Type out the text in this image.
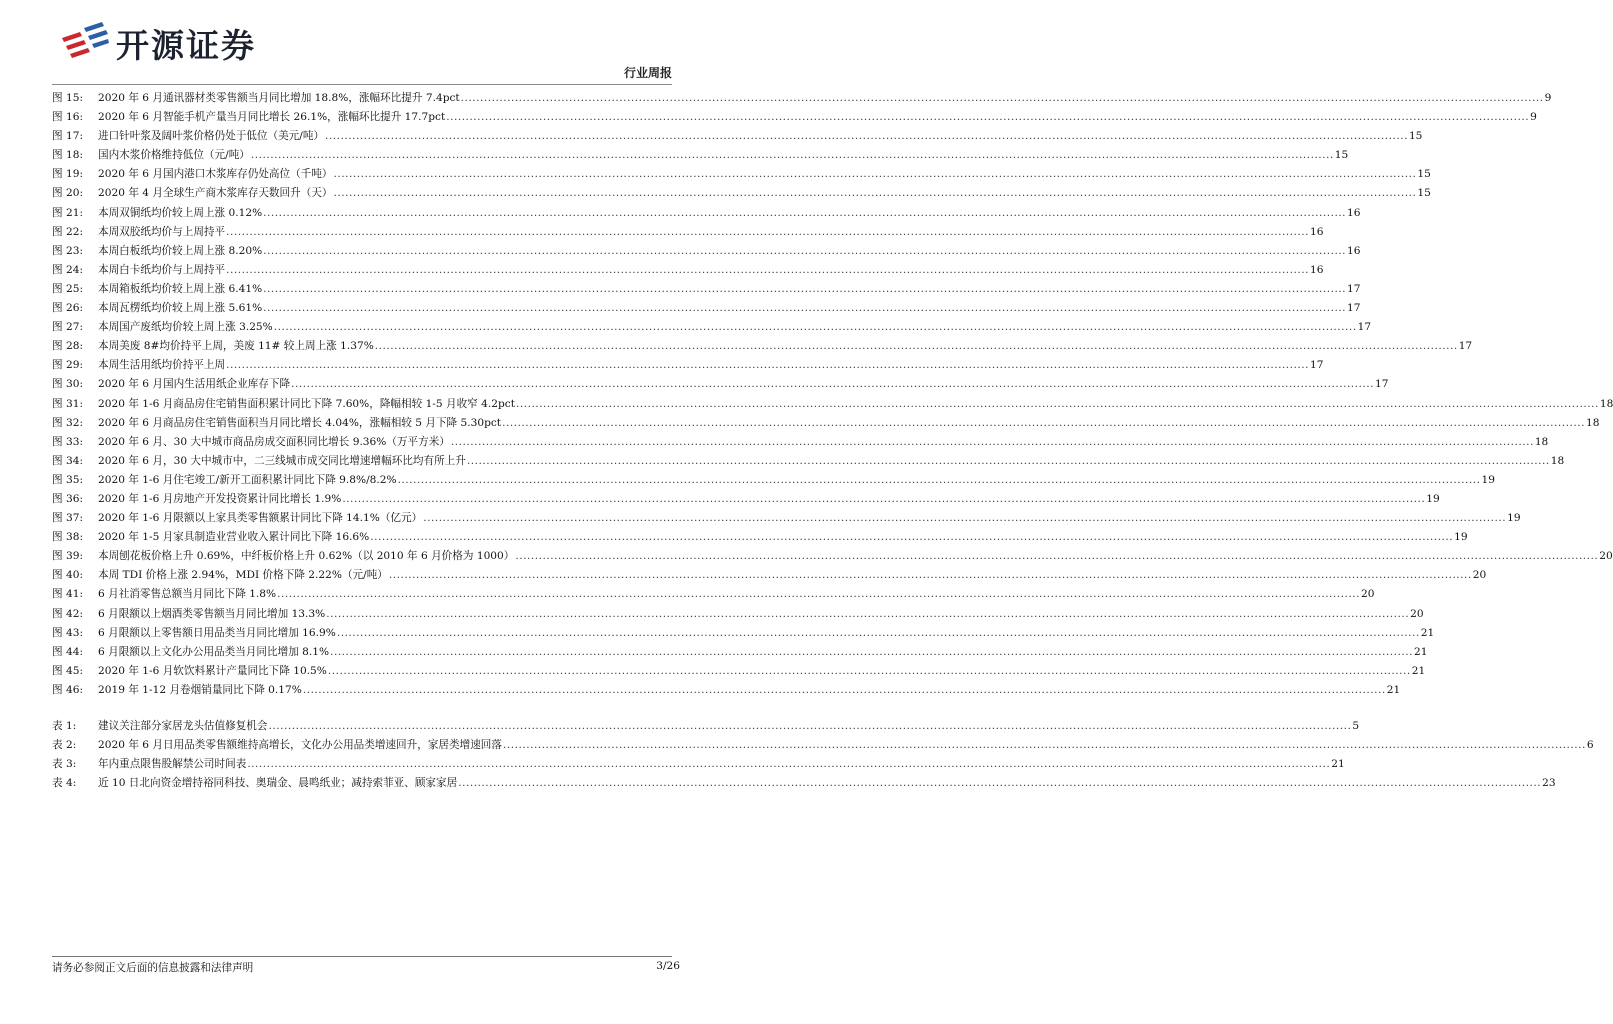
开源证券
行业周报
图 15:	2020 年 6 月通讯器材类零售额当月同比增加 18.8%，涨幅环比提升 7.4pct .....	9
图 16:	2020 年 6 月智能手机产量当月同比增长 26.1%，涨幅环比提升 17.7pct .....	9
图 17:	进口针叶浆及阔叶浆价格仍处于低位（美元/吨） .....	15
图 18:	国内木浆价格维持低位（元/吨） .....	15
图 19:	2020 年 6 月国内港口木浆库存仍处高位（千吨） .....	15
图 20:	2020 年 4 月全球生产商木浆库存天数回升（天） .....	15
图 21:	本周双铜纸均价较上周上涨 0.12% .....	16
图 22:	本周双胶纸均价与上周持平 .....	16
图 23:	本周白板纸均价较上周上涨 8.20% .....	16
图 24:	本周白卡纸均价与上周持平 .....	16
图 25:	本周箱板纸均价较上周上涨 6.41% .....	17
图 26:	本周瓦楞纸均价较上周上涨 5.61% .....	17
图 27:	本周国产废纸均价较上周上涨 3.25% .....	17
图 28:	本周美废 8#均价持平上周，美废 11# 较上周上涨 1.37% .....	17
图 29:	本周生活用纸均价持平上周 .....	17
图 30:	2020 年 6 月国内生活用纸企业库存下降 .....	17
图 31:	2020 年 1-6 月商品房住宅销售面积累计同比下降 7.60%，降幅相较 1-5 月收窄 4.2pct .....	18
图 32:	2020 年 6 月商品房住宅销售面积当月同比增长 4.04%，涨幅相较 5 月下降 5.30pct .....	18
图 33:	2020 年 6 月、30 大中城市商品房成交面积同比增长 9.36%（万平方米） .....	18
图 34:	2020 年 6 月，30 大中城市中，二三线城市成交同比增速增幅环比均有所上升 .....	18
图 35:	2020 年 1-6 月住宅竣工/新开工面积累计同比下降 9.8%/8.2% .....	19
图 36:	2020 年 1-6 月房地产开发投资累计同比增长 1.9% .....	19
图 37:	2020 年 1-6 月限额以上家具类零售额累计同比下降 14.1%（亿元） .....	19
图 38:	2020 年 1-5 月家具制造业营业收入累计同比下降 16.6% .....	19
图 39:	本周刨花板价格上升 0.69%，中纤板价格上升 0.62%（以 2010 年 6 月价格为 1000） .....	20
图 40:	本周 TDI 价格上涨 2.94%，MDI 价格下降 2.22%（元/吨） .....	20
图 41:	6 月社消零售总额当月同比下降 1.8% .....	20
图 42:	6 月限额以上烟酒类零售额当月同比增加 13.3% .....	20
图 43:	6 月限额以上零售额日用品类当月同比增加 16.9% .....	21
图 44:	6 月限额以上文化办公用品类当月同比增加 8.1% .....	21
图 45:	2020 年 1-6 月软饮料累计产量同比下降 10.5% .....	21
图 46:	2019 年 1-12 月卷烟销量同比下降 0.17% .....	21
表 1:	建议关注部分家居龙头估值修复机会 .....	5
表 2:	2020 年 6 月日用品类零售额维持高增长，文化办公用品类增速回升，家居类增速回落 .....	6
表 3:	年内重点限售股解禁公司时间表 .....	21
表 4:	近 10 日北向资金增持裕同科技、奥瑞金、晨鸣纸业；减持索菲亚、顾家家居 .....	23
请务必参阅正文后面的信息披露和法律声明	3/26
